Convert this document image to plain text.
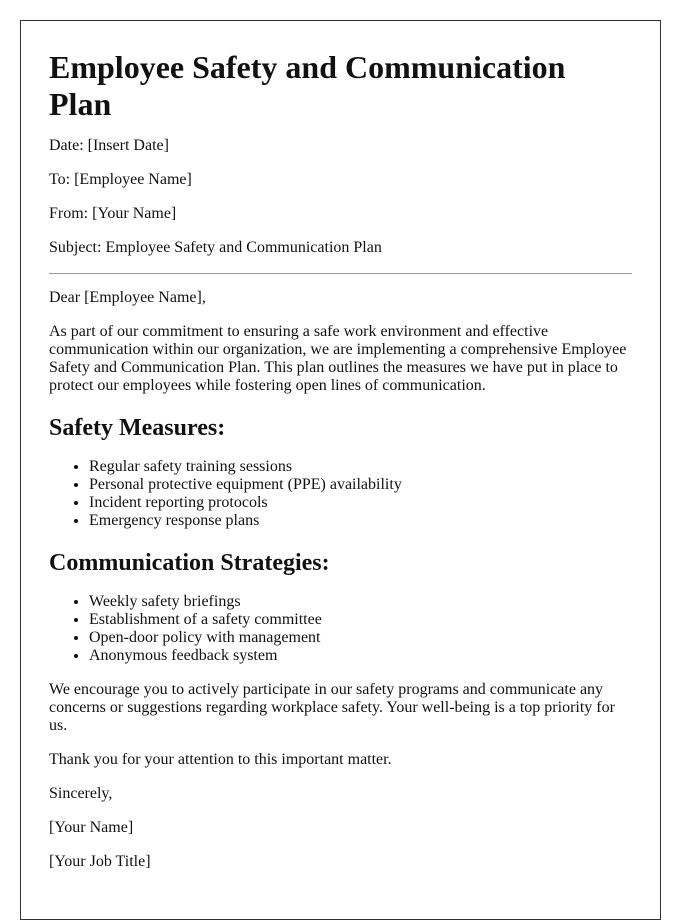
Employee Safety and Communication Plan

Date: [Insert Date]

To: [Employee Name]

From: [Your Name]

Subject: Employee Safety and Communication Plan

Dear [Employee Name],

As part of our commitment to ensuring a safe work environment and effective communication within our organization, we are implementing a comprehensive Employee Safety and Communication Plan. This plan outlines the measures we have put in place to protect our employees while fostering open lines of communication.

Safety Measures:
• Regular safety training sessions
• Personal protective equipment (PPE) availability
• Incident reporting protocols
• Emergency response plans
Communication Strategies:
• Weekly safety briefings
• Establishment of a safety committee
• Open-door policy with management
• Anonymous feedback system

We encourage you to actively participate in our safety programs and communicate any concerns or suggestions regarding workplace safety. Your well-being is a top priority for us.

Thank you for your attention to this important matter.

Sincerely,

[Your Name]

[Your Job Title]
